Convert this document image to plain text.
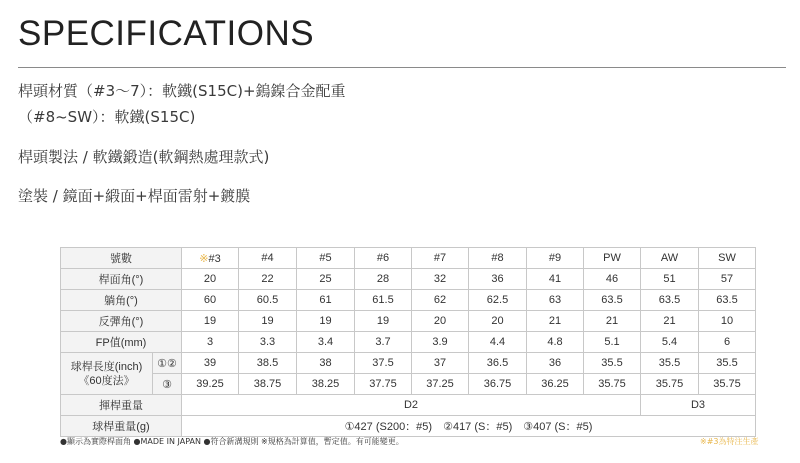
SPECIFICATIONS
桿頭材質（#3～7）：軟鐵(S15C)+鎢鎳合金配重
（#8~SW）：軟鐵(S15C)
桿頭製法 / 軟鐵鍛造(軟鋼熱處理款式)
塗裝 / 鏡面+緞面+桿面雷射+鍍膜
號數		※#3	#4	#5	#6	#7	#8	#9	PW	AW	SW
桿面角(°)		20	22	25	28	32	36	41	46	51	57
躺角(°)		60	60.5	61	61.5	62	62.5	63	63.5	63.5	63.5
反彈角(°)		19	19	19	19	20	20	21	21	21	10
FP值(mm)		3	3.3	3.4	3.7	3.9	4.4	4.8	5.1	5.4	6

球桿長度(inch)
《60度法》	①②	39	38.5	38	37.5	37	36.5	36	35.5	35.5	35.5
	③	39.25	38.75	38.25	37.75	37.25	36.75	36.25	35.75	35.75	35.75
揮桿重量		D2								D3	
球桿重量(g)		①427 (S200：#5)　②417 (S：#5)　③407 (S：#5)									
●顯示為實際桿面角 ●MADE IN JAPAN ●符合新溝規則 ※規格為計算值，暫定值。有可能變更。	※#3為特注生產
